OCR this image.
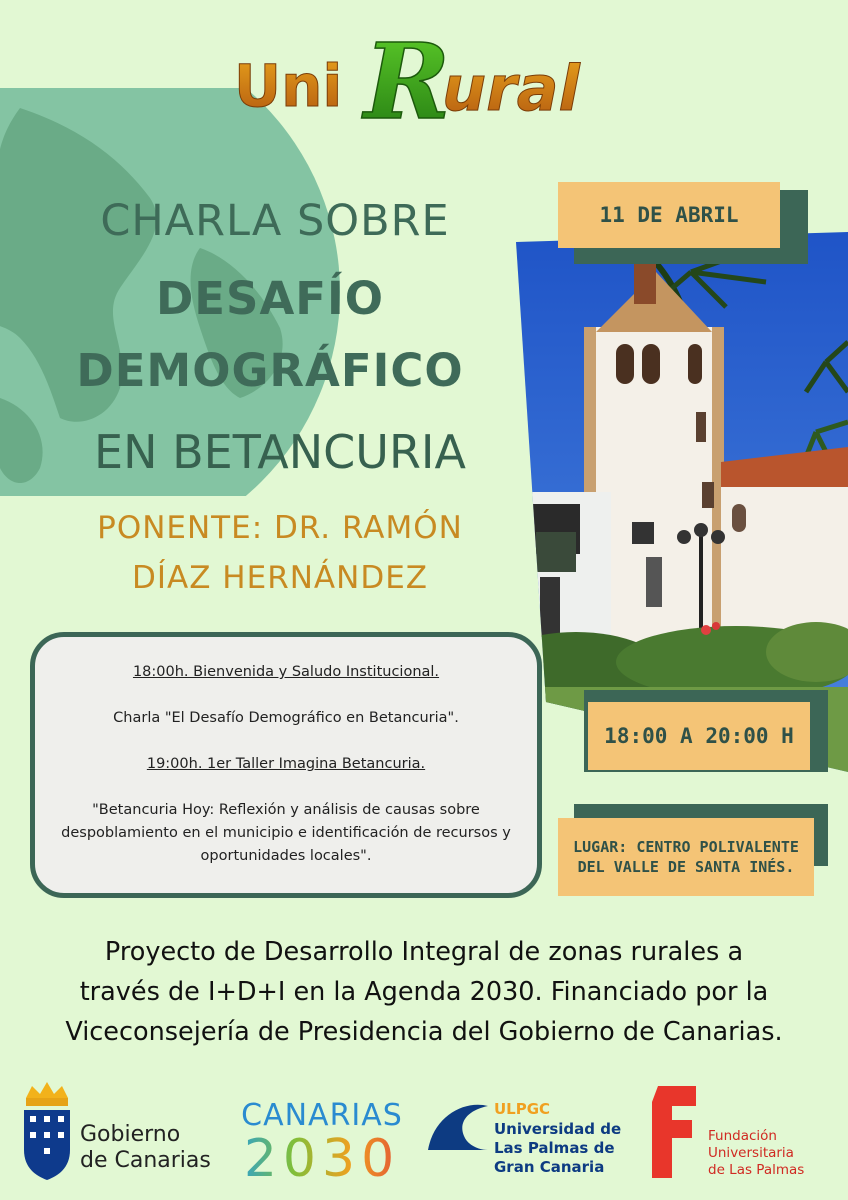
Uni R
ural
CHARLA SOBRE
DESAFÍO
DEMOGRÁFICO
EN BETANCURIA
PONENTE: DR. RAMÓN
DÍAZ HERNÁNDEZ

18:00h. Bienvenida y Saludo Institucional.

Charla "El Desafío Demográfico en Betancuria".

19:00h. 1er Taller Imagina Betancuria.

"Betancuria Hoy: Reflexión y análisis de causas sobre despoblamiento en el municipio e identificación de recursos y oportunidades locales".

11 DE ABRIL
18:00 A 20:00 H
LUGAR: CENTRO POLIVALENTE DEL VALLE DE SANTA INÉS.
Proyecto de Desarrollo Integral de zonas rurales a
través de I+D+I en la Agenda 2030. Financiado por la
Viceconsejería de Presidencia del Gobierno de Canarias.
Gobierno
de Canarias
CANARIAS
2030
ULPGC
Universidad de
Las Palmas de
Gran Canaria
Fundación
Universitaria
de Las Palmas
